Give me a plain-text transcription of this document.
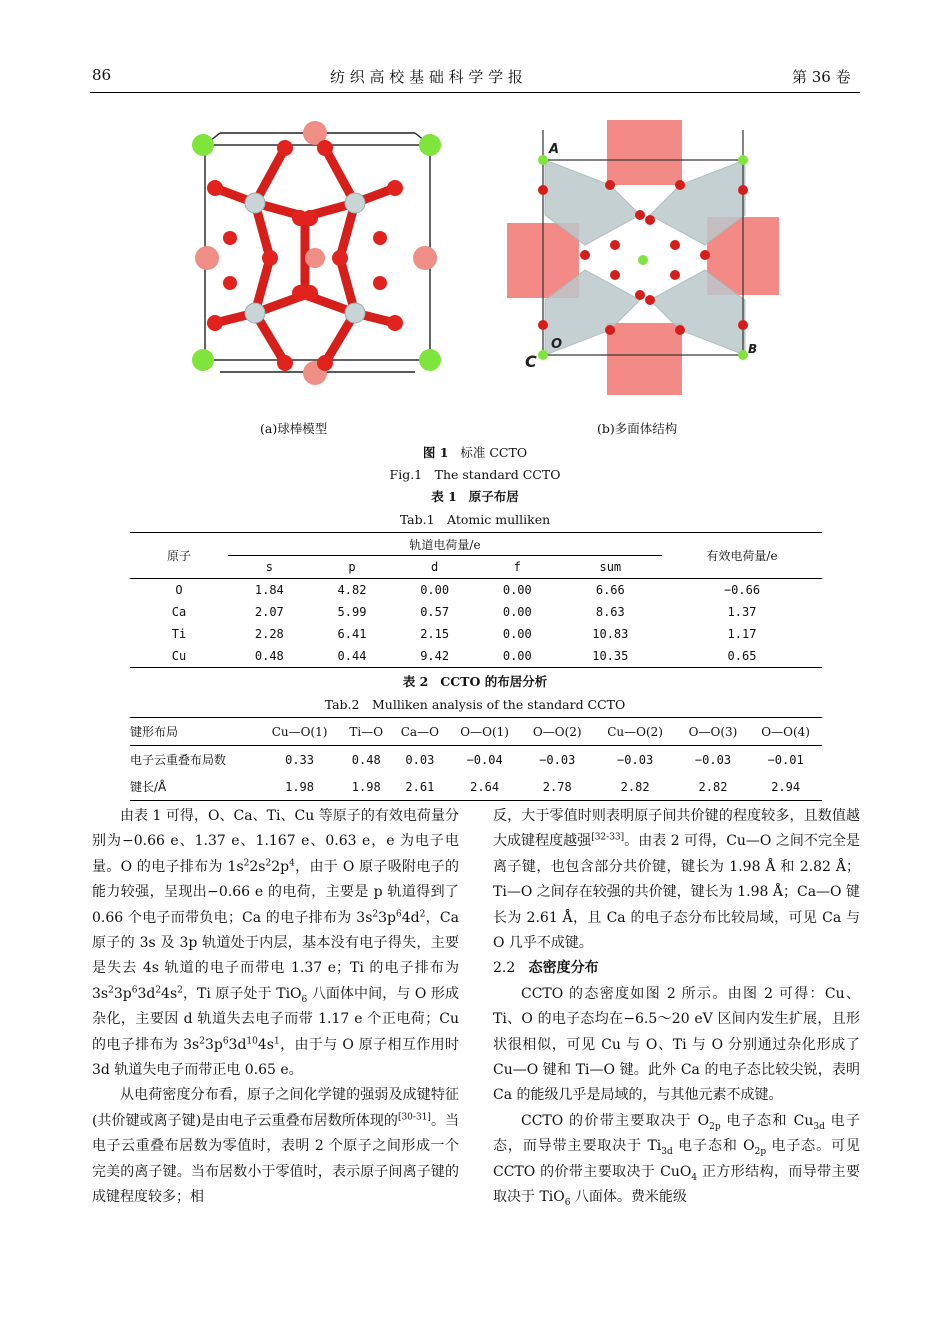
86	纺 织 高 校 基 础 科 学 学 报	第 36 卷
A
B
C
O
(a)球棒模型	(b)多面体结构
图 1 标准 CCTO
Fig.1　The standard CCTO
表 1 原子布居
Tab.1　Atomic mulliken
原子	轨道电荷量/e					有效电荷量/e
	s	p	d	f	sum	
O	1.84	4.82	0.00	0.00	6.66	−0.66
Ca	2.07	5.99	0.57	0.00	8.63	1.37
Ti	2.28	6.41	2.15	0.00	10.83	1.17
Cu	0.48	0.44	9.42	0.00	10.35	0.65
表 2 CCTO 的布居分析
Tab.2　Mulliken analysis of the standard CCTO
键形布局	Cu—O(1)	Ti—O	Ca—O	O—O(1)	O—O(2)	Cu—O(2)	O—O(3)	O—O(4)
电子云重叠布局数	0.33	0.48	0.03	−0.04	−0.03	−0.03	−0.03	−0.01
键长/Å	1.98	1.98	2.61	2.64	2.78	2.82	2.82	2.94

由表 1 可得，O、Ca、Ti、Cu 等原子的有效电荷量分别为−0.66 e、1.37 e、1.167 e、0.63 e，e 为电子电量。O 的电子排布为 $1s^22s^22p^4$，由于 O 原子吸附电子的能力较强，呈现出−0.66 e 的电荷，主要是 p 轨道得到了 0.66 个电子而带负电；Ca 的电子排布为 $3s^23p^64d^2$，Ca 原子的 3s 及 3p 轨道处于内层，基本没有电子得失，主要是失去 4s 轨道的电子而带电 1.37 e；Ti 的电子排布为 $3s^23p^63d^24s^2$，Ti 原子处于 TiO$_6$ 八面体中间，与 O 形成杂化，主要因 d 轨道失去电子而带 1.17 e 个正电荷；Cu 的电子排布为 $3s^23p^63d^{10}4s^1$，由于与 O 原子相互作用时 3d 轨道失电子而带正电 0.65 e。

从电荷密度分布看，原子之间化学键的强弱及成键特征(共价键或离子键)是由电子云重叠布居数所体现的[30-31]。当电子云重叠布居数为零值时，表明 2 个原子之间形成一个完美的离子键。当布居数小于零值时，表示原子间离子键的成键程度较多；相

反，大于零值时则表明原子间共价键的程度较多，且数值越大成键程度越强[32-33]。由表 2 可得，Cu—O 之间不完全是离子键，也包含部分共价键，键长为 1.98 Å 和 2.82 Å；Ti—O 之间存在较强的共价键，键长为 1.98 Å；Ca—O 键长为 2.61 Å，且 Ca 的电子态分布比较局域，可见 Ca 与 O 几乎不成键。

2.2 态密度分布

CCTO 的态密度如图 2 所示。由图 2 可得：Cu、Ti、O 的电子态均在−6.5～20 eV 区间内发生扩展，且形状很相似，可见 Cu 与 O、Ti 与 O 分别通过杂化形成了 Cu—O 键和 Ti—O 键。此外 Ca 的电子态比较尖锐，表明 Ca 的能级几乎是局域的，与其他元素不成键。

CCTO 的价带主要取决于 $O_{2p}$ 电子态和 $Cu_{3d}$ 电子态，而导带主要取决于 $Ti_{3d}$ 电子态和 $O_{2p}$ 电子态。可见 CCTO 的价带主要取决于 CuO$_4$ 正方形结构，而导带主要取决于 TiO$_6$ 八面体。费米能级
